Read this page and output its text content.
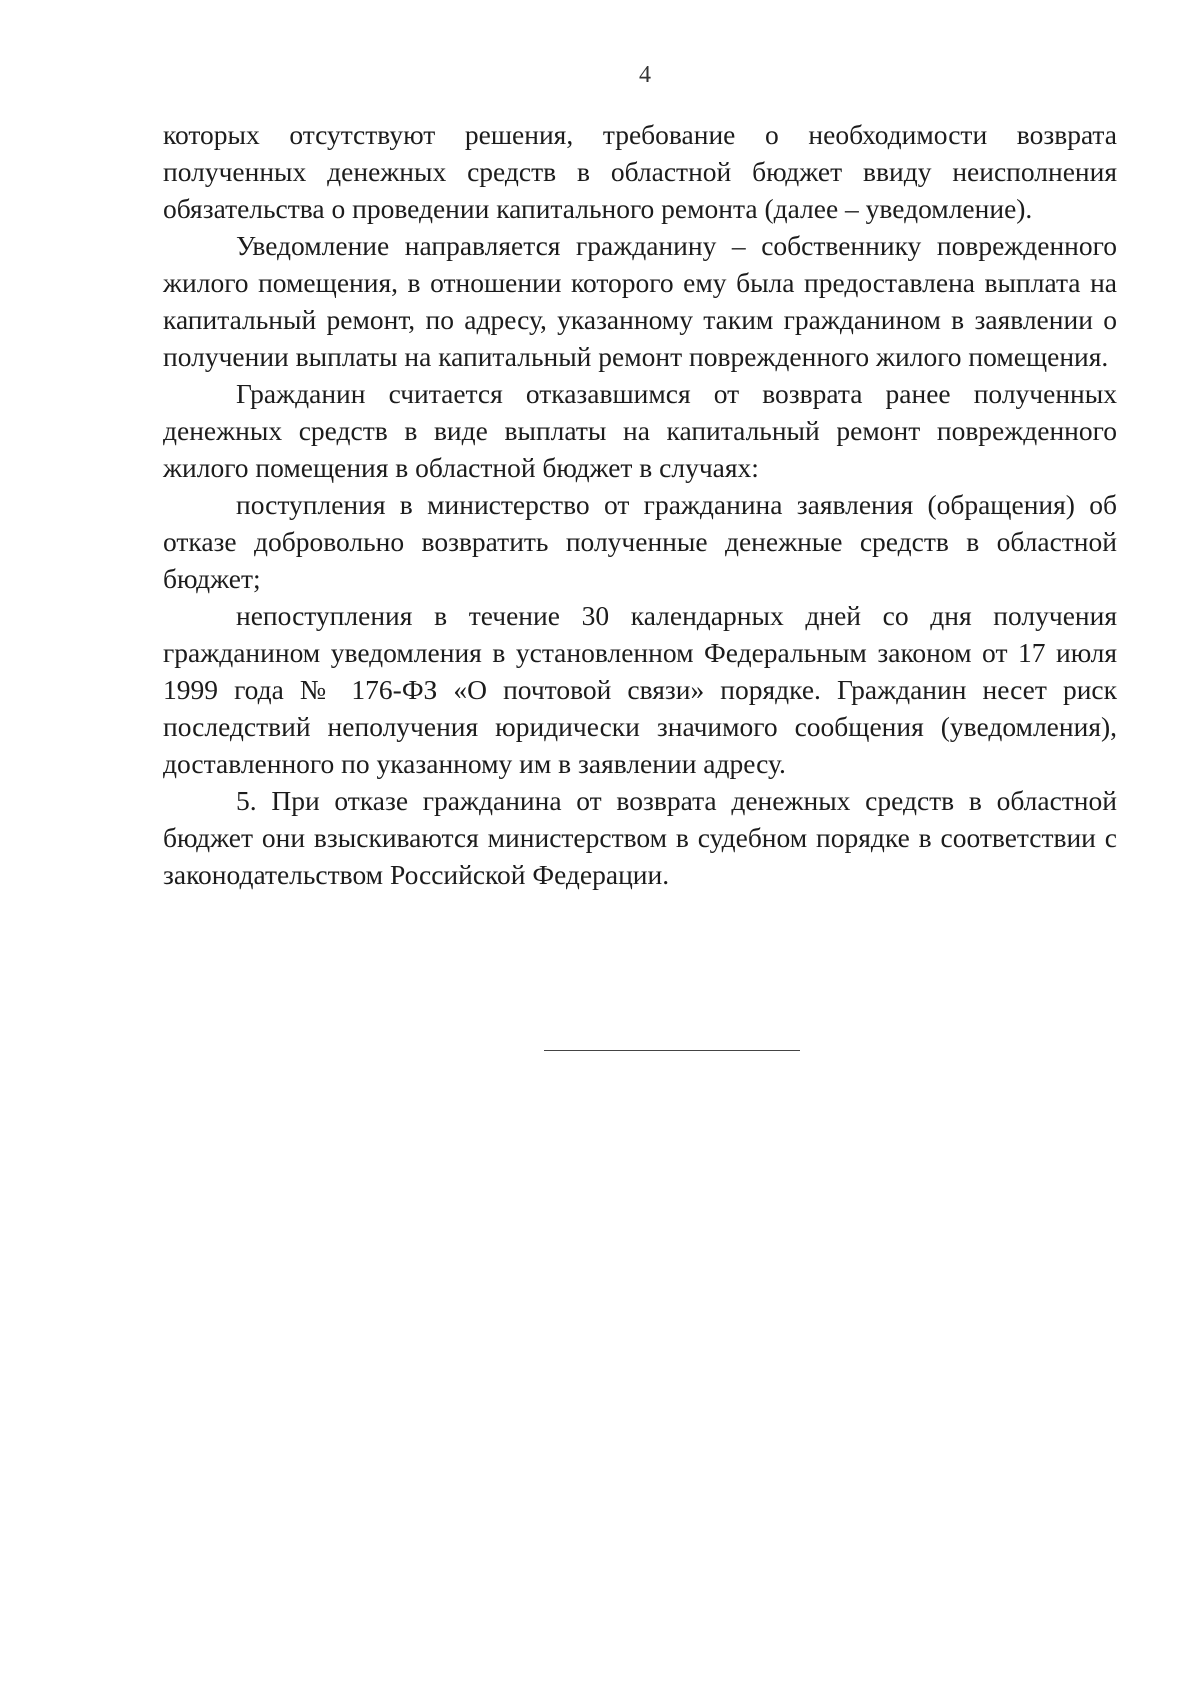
4

которых отсутствуют решения, требование о необходимости возврата полученных денежных средств в областной бюджет ввиду неисполнения обязательства о проведении капитального ремонта (далее – уведомление).

Уведомление направляется гражданину – собственнику поврежденного жилого помещения, в отношении которого ему была предоставлена выплата на капитальный ремонт, по адресу, указанному таким гражданином в заявлении о получении выплаты на капитальный ремонт поврежденного жилого помещения.

Гражданин считается отказавшимся от возврата ранее полученных денежных средств в виде выплаты на капитальный ремонт поврежденного жилого помещения в областной бюджет в случаях:

поступления в министерство от гражданина заявления (обращения) об отказе добровольно возвратить полученные денежные средств в областной бюджет;

непоступления в течение 30 календарных дней со дня получения гражданином уведомления в установленном Федеральным законом от 17 июля 1999 года № 176-ФЗ «О почтовой связи» порядке. Гражданин несет риск последствий неполучения юридически значимого сообщения (уведомления), доставленного по указанному им в заявлении адресу.

5. При отказе гражданина от возврата денежных средств в областной бюджет они взыскиваются министерством в судебном порядке в соответствии с законодательством Российской Федерации.
